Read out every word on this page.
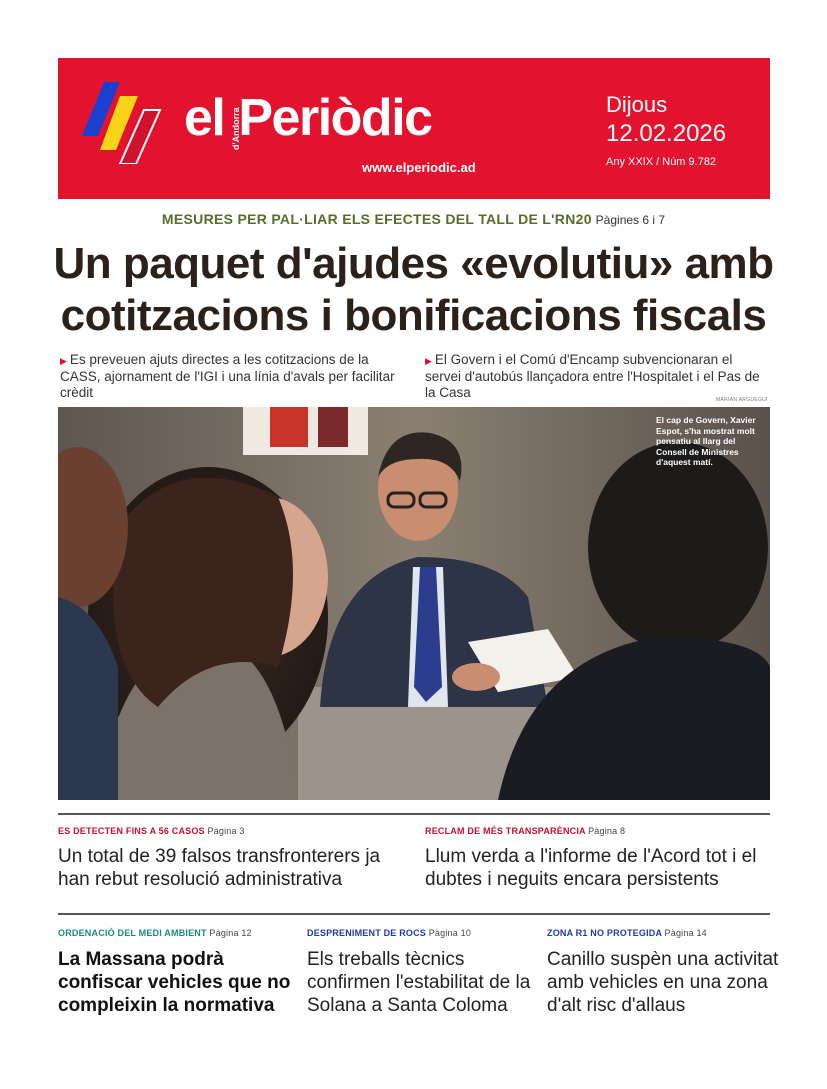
el Periòdic
d'Andorra
www.elperiodic.ad
Dijous
12.02.2026
Any XXIX / Núm 9.782
MESURES PER PAL·LIAR ELS EFECTES DEL TALL DE L'RN20 Pàgines 6 i 7
Un paquet d'ajudes «evolutiu» amb
cotitzacions i bonificacions fiscals
▶ Es preveuen ajuts directes a les cotitzacions de la CASS, ajornament de l'IGI i una línia d'avals per facilitar crèdit
▶ El Govern i el Comú d'Encamp subvencionaran el servei d'autobús llançadora entre l'Hospitalet i el Pas de la Casa	MARIAN ARGUEGUI
El cap de Govern, Xavier Espot, s'ha mostrat molt pensatiu al llarg del Consell de Ministres d'aquest matí.
ES DETECTEN FINS A 56 CASOS Pàgina 3
Un total de 39 falsos transfronterers ja han rebut resolució administrativa
RECLAM DE MÉS TRANSPARÈNCIA Pàgina 8
Llum verda a l'informe de l'Acord tot i el dubtes i neguits encara persistents
ORDENACIÓ DEL MEDI AMBIENT Pàgina 12
La Massana podrà confiscar vehicles que no compleixin la normativa
DESPRENIMENT DE ROCS Pàgina 10
Els treballs tècnics confirmen l'estabilitat de la Solana a Santa Coloma
ZONA R1 NO PROTEGIDA Pàgina 14
Canillo suspèn una activitat amb vehicles en una zona d'alt risc d'allaus
